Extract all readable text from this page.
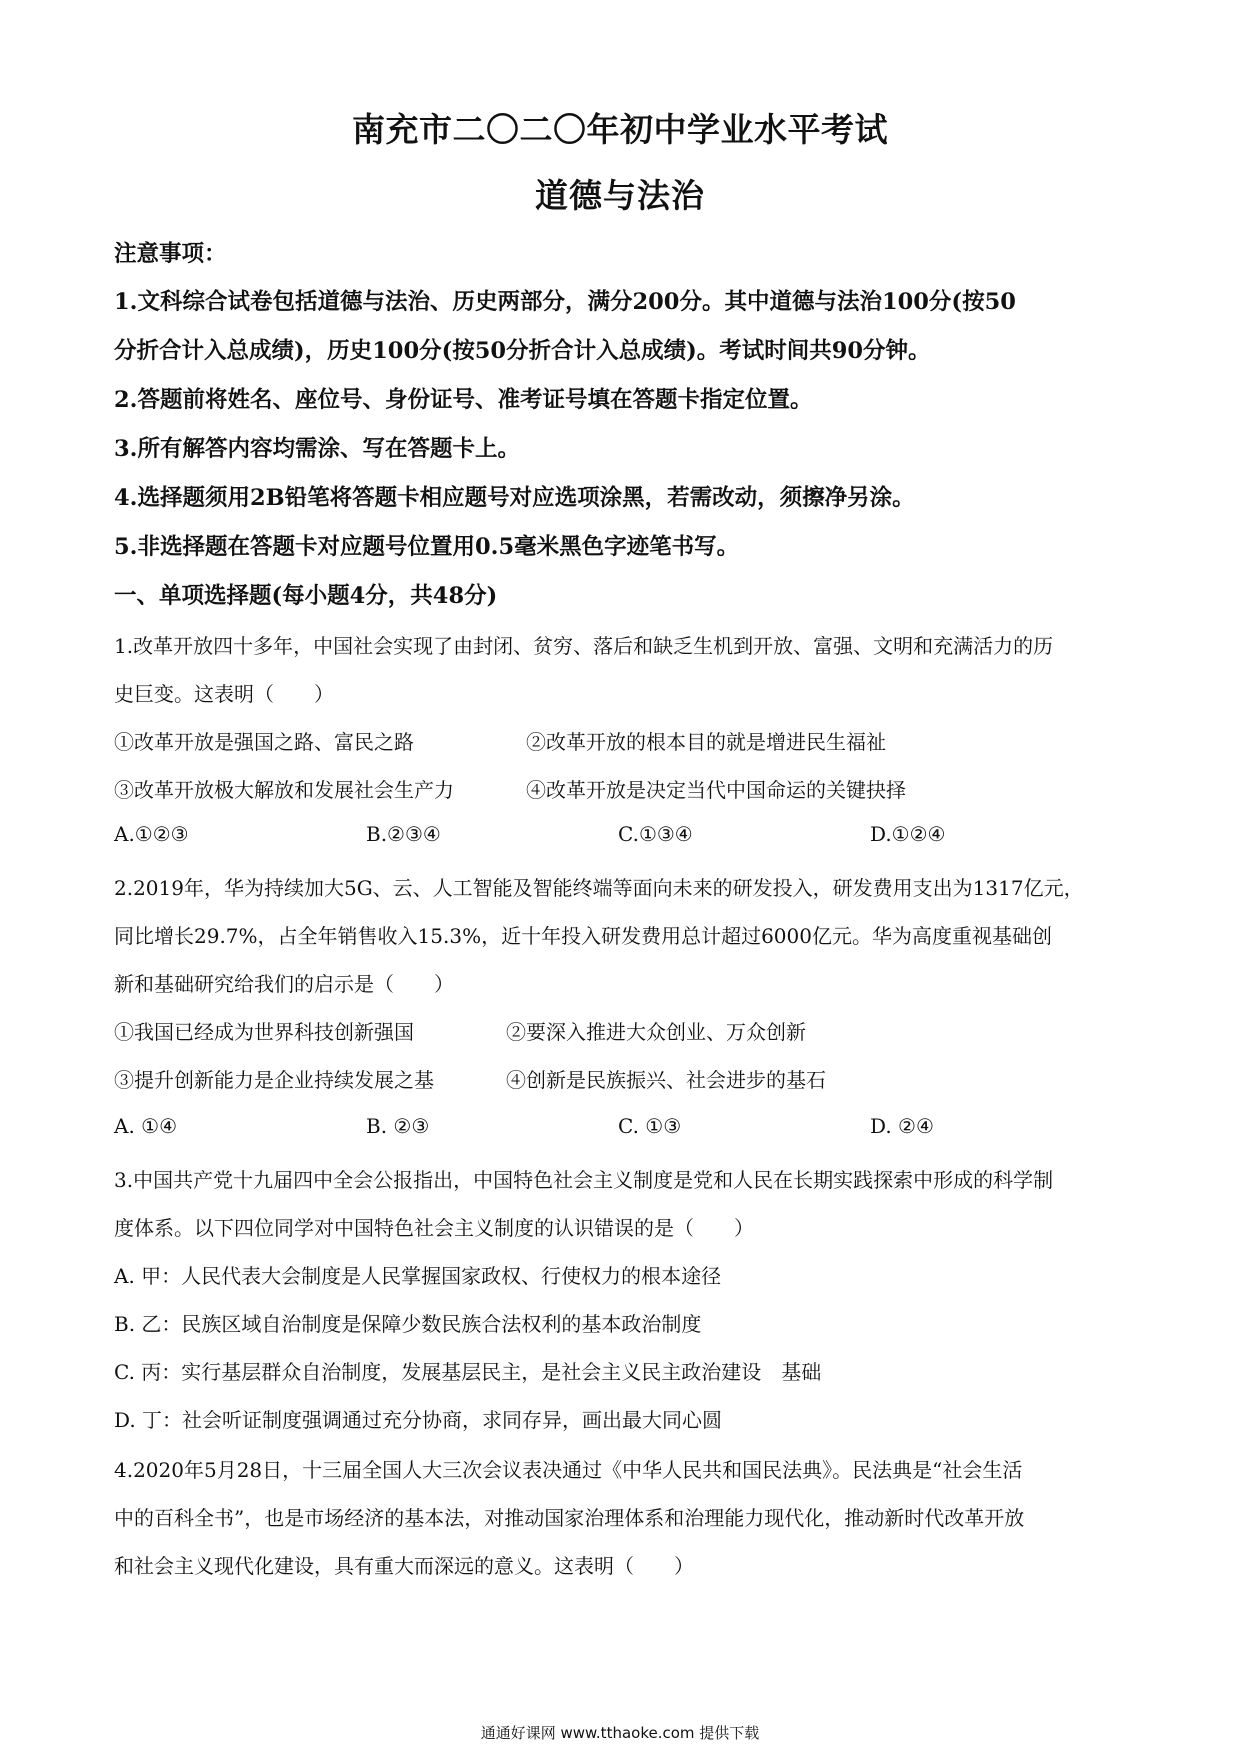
南充市二〇二〇年初中学业水平考试
道德与法治
注意事项：
1.文科综合试卷包括道德与法治、历史两部分，满分200分。其中道德与法治100分(按50
分折合计入总成绩)，历史100分(按50分折合计入总成绩)。考试时间共90分钟。
2.答题前将姓名、座位号、身份证号、准考证号填在答题卡指定位置。
3.所有解答内容均需涂、写在答题卡上。
4.选择题须用2B铅笔将答题卡相应题号对应选项涂黑，若需改动，须擦净另涂。
5.非选择题在答题卡对应题号位置用0.5毫米黑色字迹笔书写。
一、单项选择题(每小题4分，共48分)
1.改革开放四十多年，中国社会实现了由封闭、贫穷、落后和缺乏生机到开放、富强、文明和充满活力的历
史巨变。这表明（　　）
①改革开放是强国之路、富民之路	②改革开放的根本目的就是增进民生福祉
③改革开放极大解放和发展社会生产力	④改革开放是决定当代中国命运的关键抉择
A.①②③	B.②③④	C.①③④	D.①②④
2.2019年，华为持续加大5G、云、人工智能及智能终端等面向未来的研发投入，研发费用支出为1317亿元，
同比增长29.7%，占全年销售收入15.3%，近十年投入研发费用总计超过6000亿元。华为高度重视基础创
新和基础研究给我们的启示是（　　）
①我国已经成为世界科技创新强国	②要深入推进大众创业、万众创新
③提升创新能力是企业持续发展之基	④创新是民族振兴、社会进步的基石
A. ①④	B. ②③	C. ①③	D. ②④
3.中国共产党十九届四中全会公报指出，中国特色社会主义制度是党和人民在长期实践探索中形成的科学制
度体系。以下四位同学对中国特色社会主义制度的认识错误的是（　　）
A. 甲：人民代表大会制度是人民掌握国家政权、行使权力的根本途径
B. 乙：民族区域自治制度是保障少数民族合法权利的基本政治制度
C. 丙：实行基层群众自治制度，发展基层民主，是社会主义民主政治建设　基础
D. 丁：社会听证制度强调通过充分协商，求同存异，画出最大同心圆
4.2020年5月28日，十三届全国人大三次会议表决通过《中华人民共和国民法典》。民法典是“社会生活
中的百科全书”，也是市场经济的基本法，对推动国家治理体系和治理能力现代化，推动新时代改革开放
和社会主义现代化建设，具有重大而深远的意义。这表明（　　）
通通好课网 www.tthaoke.com 提供下载
